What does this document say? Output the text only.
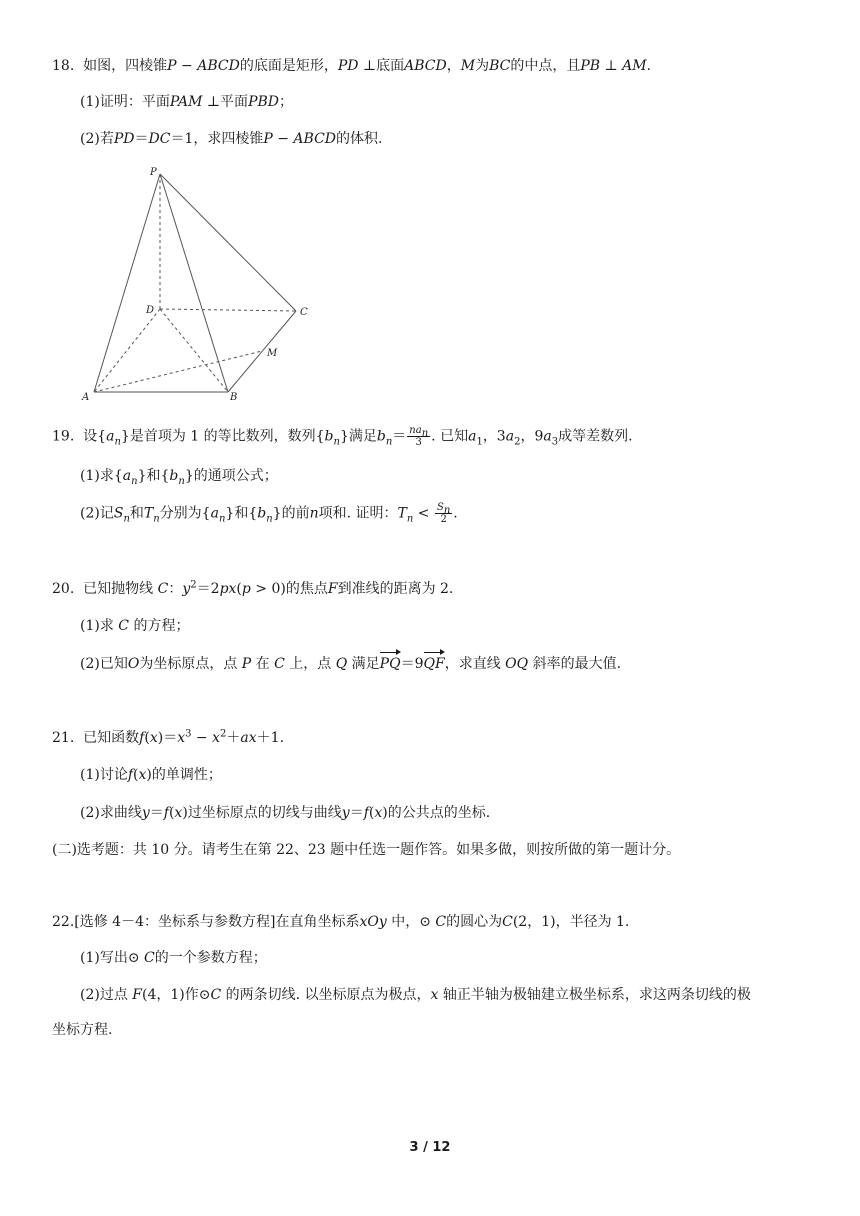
18. 如图，四棱锥P − ABCD的底面是矩形，PD ⊥底面ABCD，M为BC的中点，且PB ⊥ AM.
(1)证明：平面PAM ⊥平面PBD；
(2)若PD＝DC＝1，求四棱锥P − ABCD的体积.
P
D	C
M
A	B
19. 设$\{a_n\}$是首项为 1 的等比数列，数列$\{b_n\}$满足$b_n= \frac{na_n}{3}$ . 已知$a_1$，$3a_2$，$9a_3$成等差数列.
(1)求$\{a_n\}$和$\{b_n\}$的通项公式；
(2)记$S_n$和$T_n$分别为$\{a_n\}$和$\{b_n\}$的前n项和. 证明：$T_n < \frac{S_n}{2}$ .
20. 已知抛物线 C：$y^2=2px(p > 0)$的焦点F到准线的距离为 2.
(1)求 C 的方程；
(2)已知O为坐标原点，点 P 在 C 上，点 Q 满足PQ＝9QF，求直线 OQ 斜率的最大值.
21. 已知函数$f(x)=x^3 - x^2+ax+1$.
(1)讨论f(x)的单调性；
(2)求曲线y＝f(x)过坐标原点的切线与曲线y＝f(x)的公共点的坐标.
(二)选考题：共 10 分。请考生在第 22、23 题中任选一题作答。如果多做，则按所做的第一题计分。
22.[选修 4－4：坐标系与参数方程]在直角坐标系xOy 中，⊙ C的圆心为C(2，1)，半径为 1.
(1)写出⊙ C的一个参数方程；
(2)过点 F(4，1)作⊙C 的两条切线. 以坐标原点为极点，x 轴正半轴为极轴建立极坐标系，求这两条切线的极
坐标方程.
3 / 12
